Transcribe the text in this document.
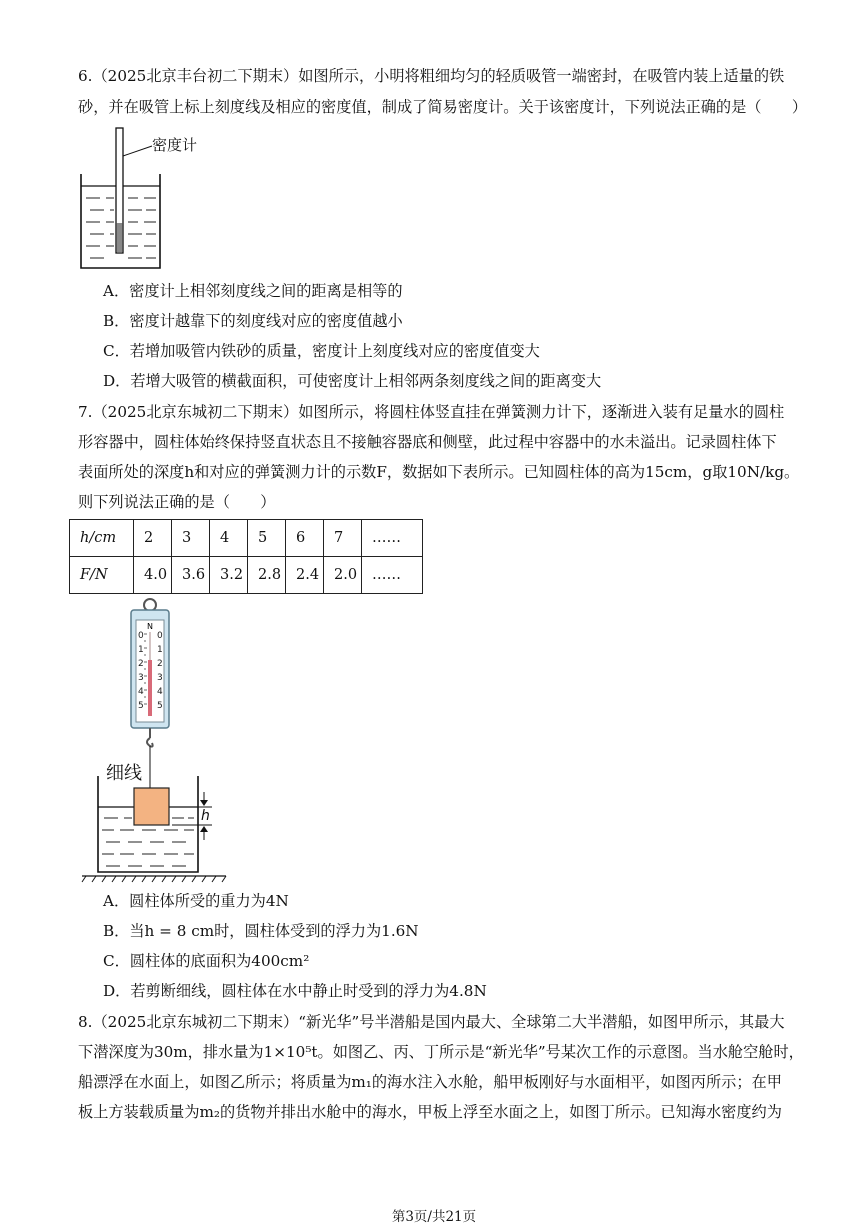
6.（2025北京丰台初二下期末）如图所示，小明将粗细均匀的轻质吸管一端密封，在吸管内装上适量的铁
砂，并在吸管上标上刻度线及相应的密度值，制成了简易密度计。关于该密度计，下列说法正确的是（　　）
密度计
A．密度计上相邻刻度线之间的距离是相等的
B．密度计越靠下的刻度线对应的密度值越小
C．若增加吸管内铁砂的质量，密度计上刻度线对应的密度值变大
D．若增大吸管的横截面积，可使密度计上相邻两条刻度线之间的距离变大
7.（2025北京东城初二下期末）如图所示，将圆柱体竖直挂在弹簧测力计下，逐渐进入装有足量水的圆柱
形容器中，圆柱体始终保持竖直状态且不接触容器底和侧壁，此过程中容器中的水未溢出。记录圆柱体下
表面所处的深度h和对应的弹簧测力计的示数F，数据如下表所示。已知圆柱体的高为15cm，g取10N/kg。
则下列说法正确的是（　　）
h/cm	2	3	4	5	6	7	……
F/N	4.0	3.6	3.2	2.8	2.4	2.0	……
N
0
1
2
3
4
5
0
1
2
3
4
5
细线
h
A．圆柱体所受的重力为4N
B．当h = 8 cm时，圆柱体受到的浮力为1.6N
C．圆柱体的底面积为400cm²
D．若剪断细线，圆柱体在水中静止时受到的浮力为4.8N
8.（2025北京东城初二下期末）“新光华”号半潜船是国内最大、全球第二大半潜船，如图甲所示，其最大
下潜深度为30m，排水量为1×10⁵t。如图乙、丙、丁所示是“新光华”号某次工作的示意图。当水舱空舱时，
船漂浮在水面上，如图乙所示；将质量为m₁的海水注入水舱，船甲板刚好与水面相平，如图丙所示；在甲
板上方装载质量为m₂的货物并排出水舱中的海水，甲板上浮至水面之上，如图丁所示。已知海水密度约为
第3页/共21页
